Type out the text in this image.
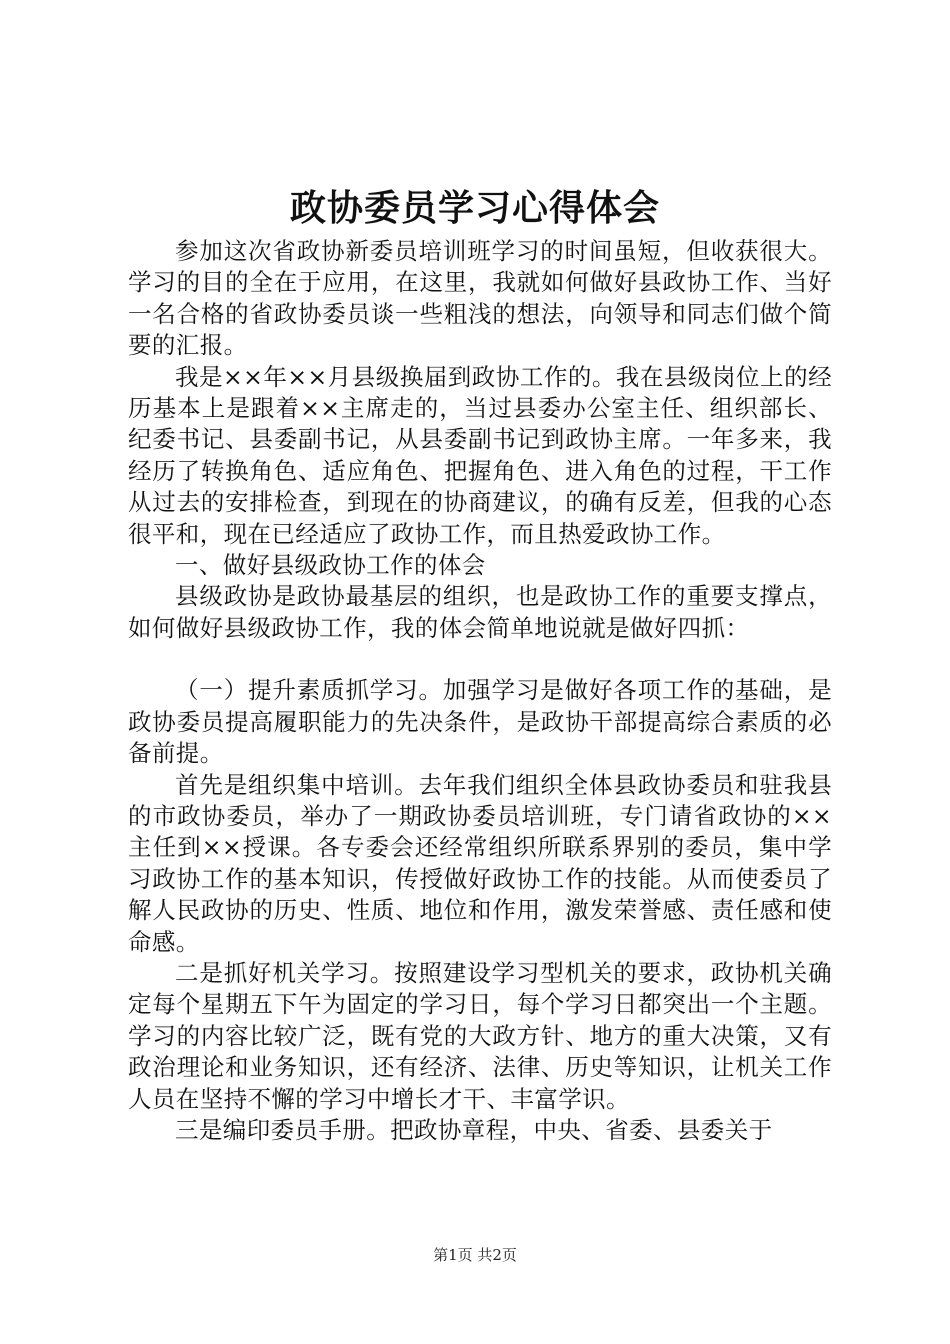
政协委员学习心得体会

参加这次省政协新委员培训班学习的时间虽短，但收获很大。学习的目的全在于应用，在这里，我就如何做好县政协工作、当好一名合格的省政协委员谈一些粗浅的想法，向领导和同志们做个简要的汇报。

我是××年××月县级换届到政协工作的。我在县级岗位上的经历基本上是跟着××主席走的，当过县委办公室主任、组织部长、纪委书记、县委副书记，从县委副书记到政协主席。一年多来，我经历了转换角色、适应角色、把握角色、进入角色的过程，干工作从过去的安排检查，到现在的协商建议，的确有反差，但我的心态很平和，现在已经适应了政协工作，而且热爱政协工作。

一、做好县级政协工作的体会

县级政协是政协最基层的组织，也是政协工作的重要支撑点，如何做好县级政协工作，我的体会简单地说就是做好四抓：

（一）提升素质抓学习。加强学习是做好各项工作的基础，是政协委员提高履职能力的先决条件，是政协干部提高综合素质的必备前提。

首先是组织集中培训。去年我们组织全体县政协委员和驻我县的市政协委员，举办了一期政协委员培训班，专门请省政协的××主任到××授课。各专委会还经常组织所联系界别的委员，集中学习政协工作的基本知识，传授做好政协工作的技能。从而使委员了解人民政协的历史、性质、地位和作用，激发荣誉感、责任感和使命感。

二是抓好机关学习。按照建设学习型机关的要求，政协机关确定每个星期五下午为固定的学习日，每个学习日都突出一个主题。学习的内容比较广泛，既有党的大政方针、地方的重大决策，又有政治理论和业务知识，还有经济、法律、历史等知识，让机关工作人员在坚持不懈的学习中增长才干、丰富学识。

三是编印委员手册。把政协章程，中央、省委、县委关于

第1页 共2页
